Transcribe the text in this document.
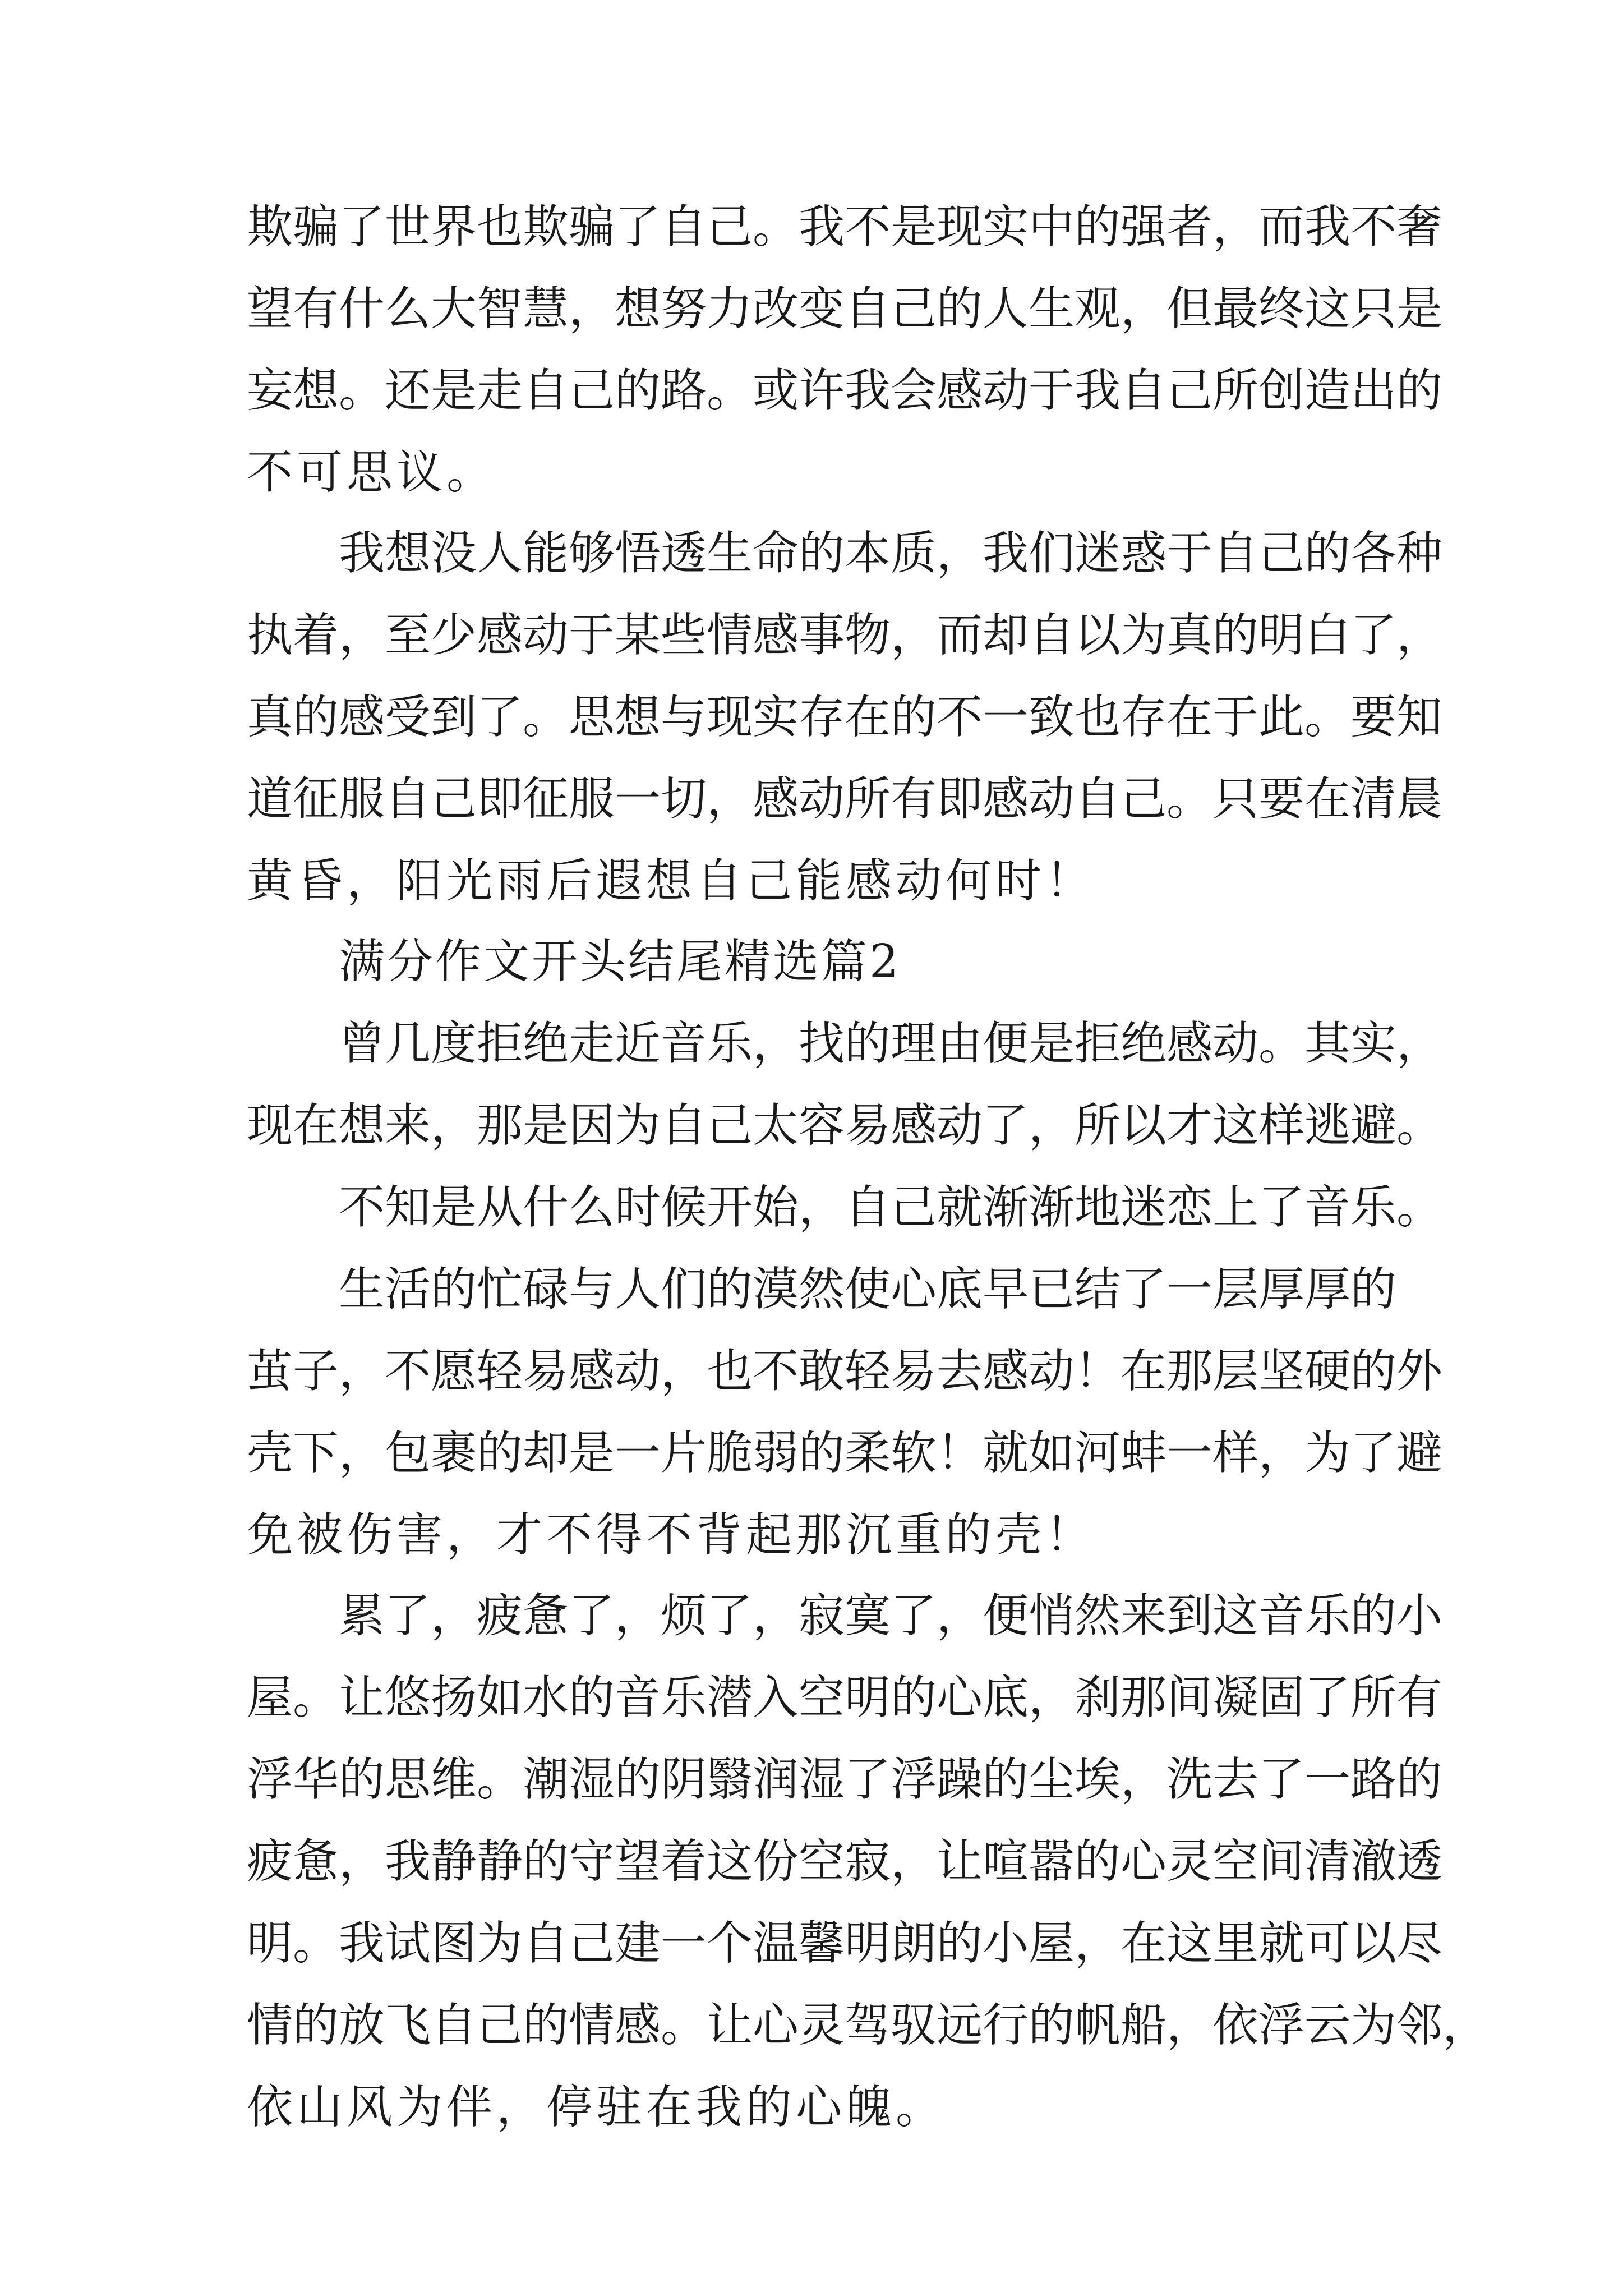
欺骗了世界也欺骗了自己。我不是现实中的强者，而我不奢
望有什么大智慧，想努力改变自己的人生观，但最终这只是
妄想。还是走自己的路。或许我会感动于我自己所创造出的
不可思议。
我想没人能够悟透生命的本质，我们迷惑于自己的各种
执着，至少感动于某些情感事物，而却自以为真的明白了，
真的感受到了。思想与现实存在的不一致也存在于此。要知
道征服自己即征服一切，感动所有即感动自己。只要在清晨
黄昏，阳光雨后遐想自己能感动何时！
满分作文开头结尾精选篇2
曾几度拒绝走近音乐，找的理由便是拒绝感动。其实，
现在想来，那是因为自己太容易感动了，所以才这样逃避。
不知是从什么时候开始，自己就渐渐地迷恋上了音乐。
生活的忙碌与人们的漠然使心底早已结了一层厚厚的
茧子，不愿轻易感动，也不敢轻易去感动！在那层坚硬的外
壳下，包裹的却是一片脆弱的柔软！就如河蚌一样，为了避
免被伤害，才不得不背起那沉重的壳！
累了，疲惫了，烦了，寂寞了，便悄然来到这音乐的小
屋。让悠扬如水的音乐潜入空明的心底，刹那间凝固了所有
浮华的思维。潮湿的阴翳润湿了浮躁的尘埃，洗去了一路的
疲惫，我静静的守望着这份空寂，让喧嚣的心灵空间清澈透
明。我试图为自己建一个温馨明朗的小屋，在这里就可以尽
情的放飞自己的情感。让心灵驾驭远行的帆船，依浮云为邻，
依山风为伴，停驻在我的心魄。
